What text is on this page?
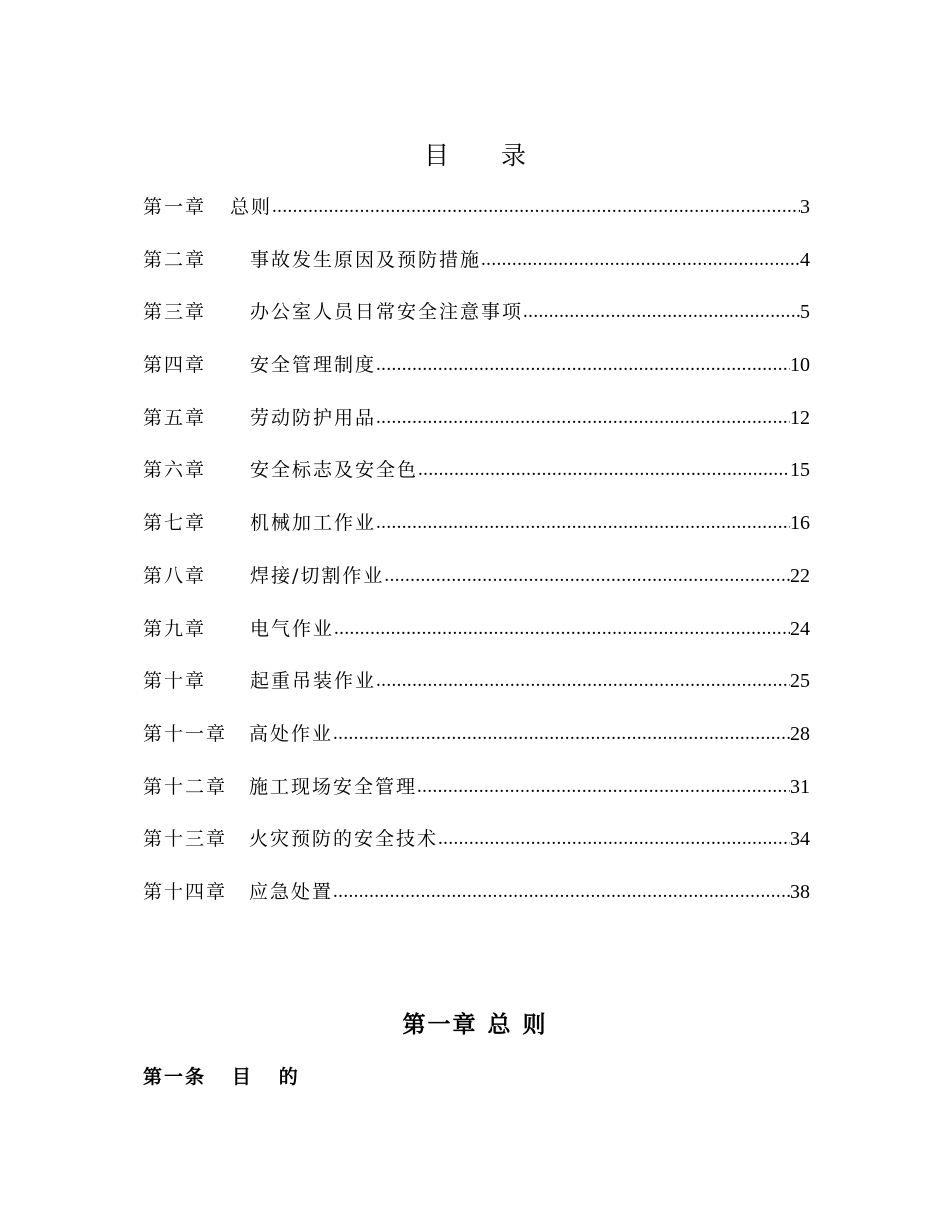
目 录
第一章 总则 .....	3
第二章 事故发生原因及预防措施 .....	4
第三章 办公室人员日常安全注意事项 .....	5
第四章 安全管理制度 .....	10
第五章 劳动防护用品 .....	12
第六章 安全标志及安全色 .....	15
第七章 机械加工作业 .....	16
第八章 焊接/切割作业 .....	22
第九章 电气作业 .....	24
第十章 起重吊装作业 .....	25
第十一章 高处作业 .....	28
第十二章 施工现场安全管理 .....	31
第十三章 火灾预防的安全技术 .....	34
第十四章 应急处置 .....	38
第一章 总 则
第一条   目   的
